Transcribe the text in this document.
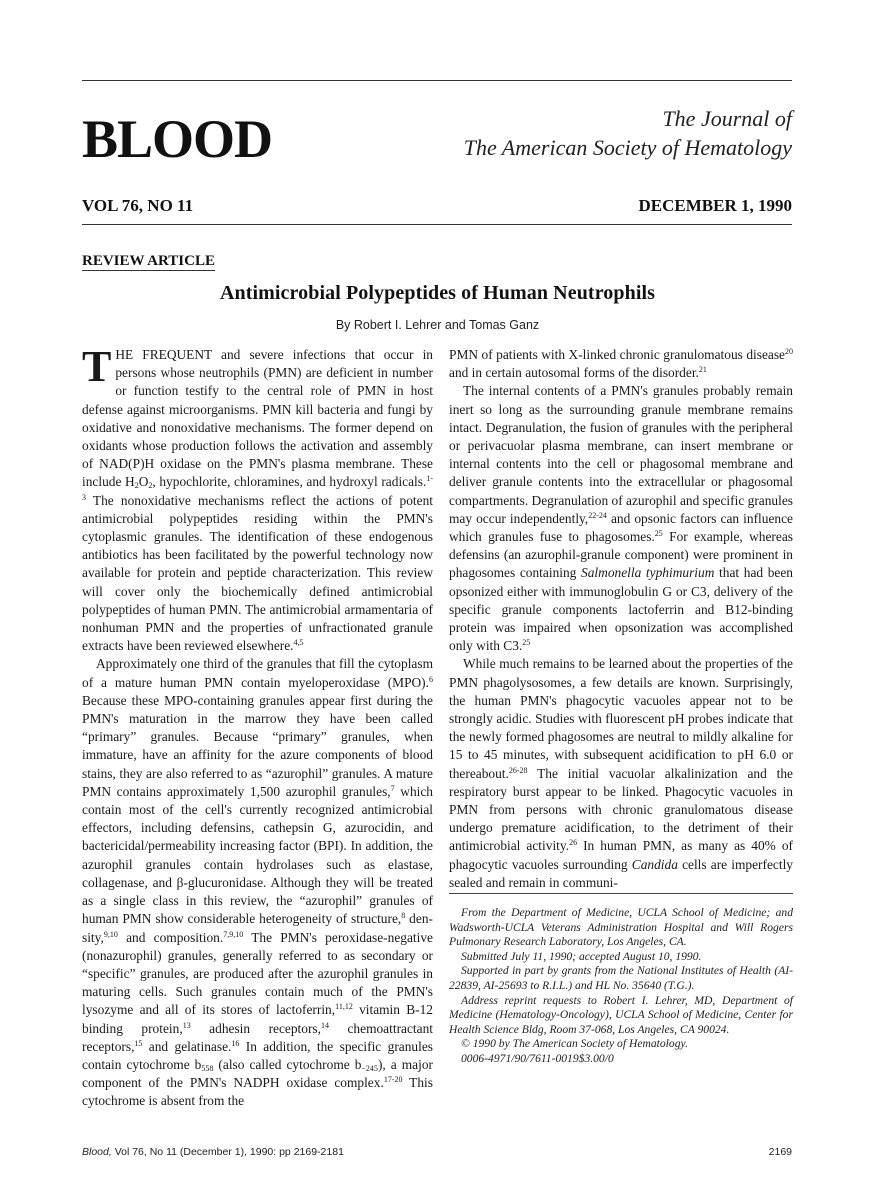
BLOOD	The Journal of
The American Society of Hematology
VOL 76, NO 11	DECEMBER 1, 1990
REVIEW ARTICLE
Antimicrobial Polypeptides of Human Neutrophils
By Robert I. Lehrer and Tomas Ganz

THE FREQUENT and severe infections that occur in persons whose neutrophils (PMN) are deficient in number or function testify to the central role of PMN in host defense against microorganisms. PMN kill bacteria and fungi by oxidative and nonoxidative mechanisms. The former depend on oxidants whose production follows the activation and assembly of NAD(P)H oxidase on the PMN's plasma membrane. These include $H_2O_2$, hypochlorite, chloramines, and hydroxyl radicals.$^{1-3}$ The nonoxidative mechanisms reflect the actions of potent antimicrobial polypeptides residing within the PMN's cytoplasmic granules. The identification of these endogenous antibiotics has been facilitated by the powerful technology now available for protein and peptide characterization. This review will cover only the biochemically defined antimicrobial polypeptides of human PMN. The antimicrobial armamentaria of nonhuman PMN and the properties of unfractionated granule extracts have been reviewed elsewhere.$^{4,5}$

Approximately one third of the granules that fill the cytoplasm of a mature human PMN contain myeloperoxidase (MPO).$^6$ Because these MPO-containing granules appear first during the PMN's maturation in the marrow they have been called “primary” granules. Because “primary” granules, when immature, have an affinity for the azure components of blood stains, they are also referred to as “azurophil” granules. A mature PMN contains approximately 1,500 azurophil granules,$^7$ which contain most of the cell's currently recognized antimicrobial effectors, including defensins, cathepsin G, azurocidin, and bactericidal/permeability increasing factor (BPI). In addition, the azurophil granules contain hydrolases such as elastase, collagenase, and β-glucuronidase. Although they will be treated as a single class in this review, the “azurophil” granules of human PMN show considerable heterogeneity of structure,$^8$ density,$^{9,10}$ and composition.$^{7,9,10}$ The PMN's peroxidase-negative (nonazurophil) granules, generally referred to as secondary or “specific” granules, are produced after the azurophil granules in maturing cells. Such granules contain much of the PMN's lysozyme and all of its stores of lactoferrin,$^{11,12}$ vitamin B-12 binding protein,$^{13}$ adhesin receptors,$^{14}$ chemoattractant receptors,$^{15}$ and gelatinase.$^{16}$ In addition, the specific granules contain cytochrome $b_{558}$ (also called cytochrome $b_{-245}$), a major component of the PMN's NADPH oxidase complex.$^{17-20}$ This cytochrome is absent from the

PMN of patients with X-linked chronic granulomatous disease$^{20}$ and in certain autosomal forms of the disorder.$^{21}$

The internal contents of a PMN's granules probably remain inert so long as the surrounding granule membrane remains intact. Degranulation, the fusion of granules with the peripheral or perivacuolar plasma membrane, can insert membrane or internal contents into the cell or phagosomal membrane and deliver granule contents into the extracellular or phagosomal compartments. Degranulation of azurophil and specific granules may occur independently,$^{22-24}$ and opsonic factors can influence which granules fuse to phagosomes.$^{25}$ For example, whereas defensins (an azurophil-granule component) were prominent in phagosomes containing Salmonella typhimurium that had been opsonized either with immunoglobulin G or C3, delivery of the specific granule components lactoferrin and B12-binding protein was impaired when opsonization was accomplished only with C3.25

While much remains to be learned about the properties of the PMN phagolysosomes, a few details are known. Surprisingly, the human PMN's phagocytic vacuoles appear not to be strongly acidic. Studies with fluorescent pH probes indicate that the newly formed phagosomes are neutral to mildly alkaline for 15 to 45 minutes, with subsequent acidification to pH 6.0 or thereabout.$^{26-28}$ The initial vacuolar alkalinization and the respiratory burst appear to be linked. Phagocytic vacuoles in PMN from persons with chronic granulomatous disease undergo premature acidification, to the detriment of their antimicrobial activity.$^{26}$ In human PMN, as many as 40% of phagocytic vacuoles surrounding Candida cells are imperfectly sealed and remain in communi-

From the Department of Medicine, UCLA School of Medicine; and Wadsworth-UCLA Veterans Administration Hospital and Will Rogers Pulmonary Research Laboratory, Los Angeles, CA.

Submitted July 11, 1990; accepted August 10, 1990.

Supported in part by grants from the National Institutes of Health (AI-22839, AI-25693 to R.I.L.) and HL No. 35640 (T.G.).

Address reprint requests to Robert I. Lehrer, MD, Department of Medicine (Hematology-Oncology), UCLA School of Medicine, Center for Health Science Bldg, Room 37-068, Los Angeles, CA 90024.

© 1990 by The American Society of Hematology.

0006-4971/90/7611-0019$3.00/0

Blood, Vol 76, No 11 (December 1), 1990: pp 2169-2181	2169
